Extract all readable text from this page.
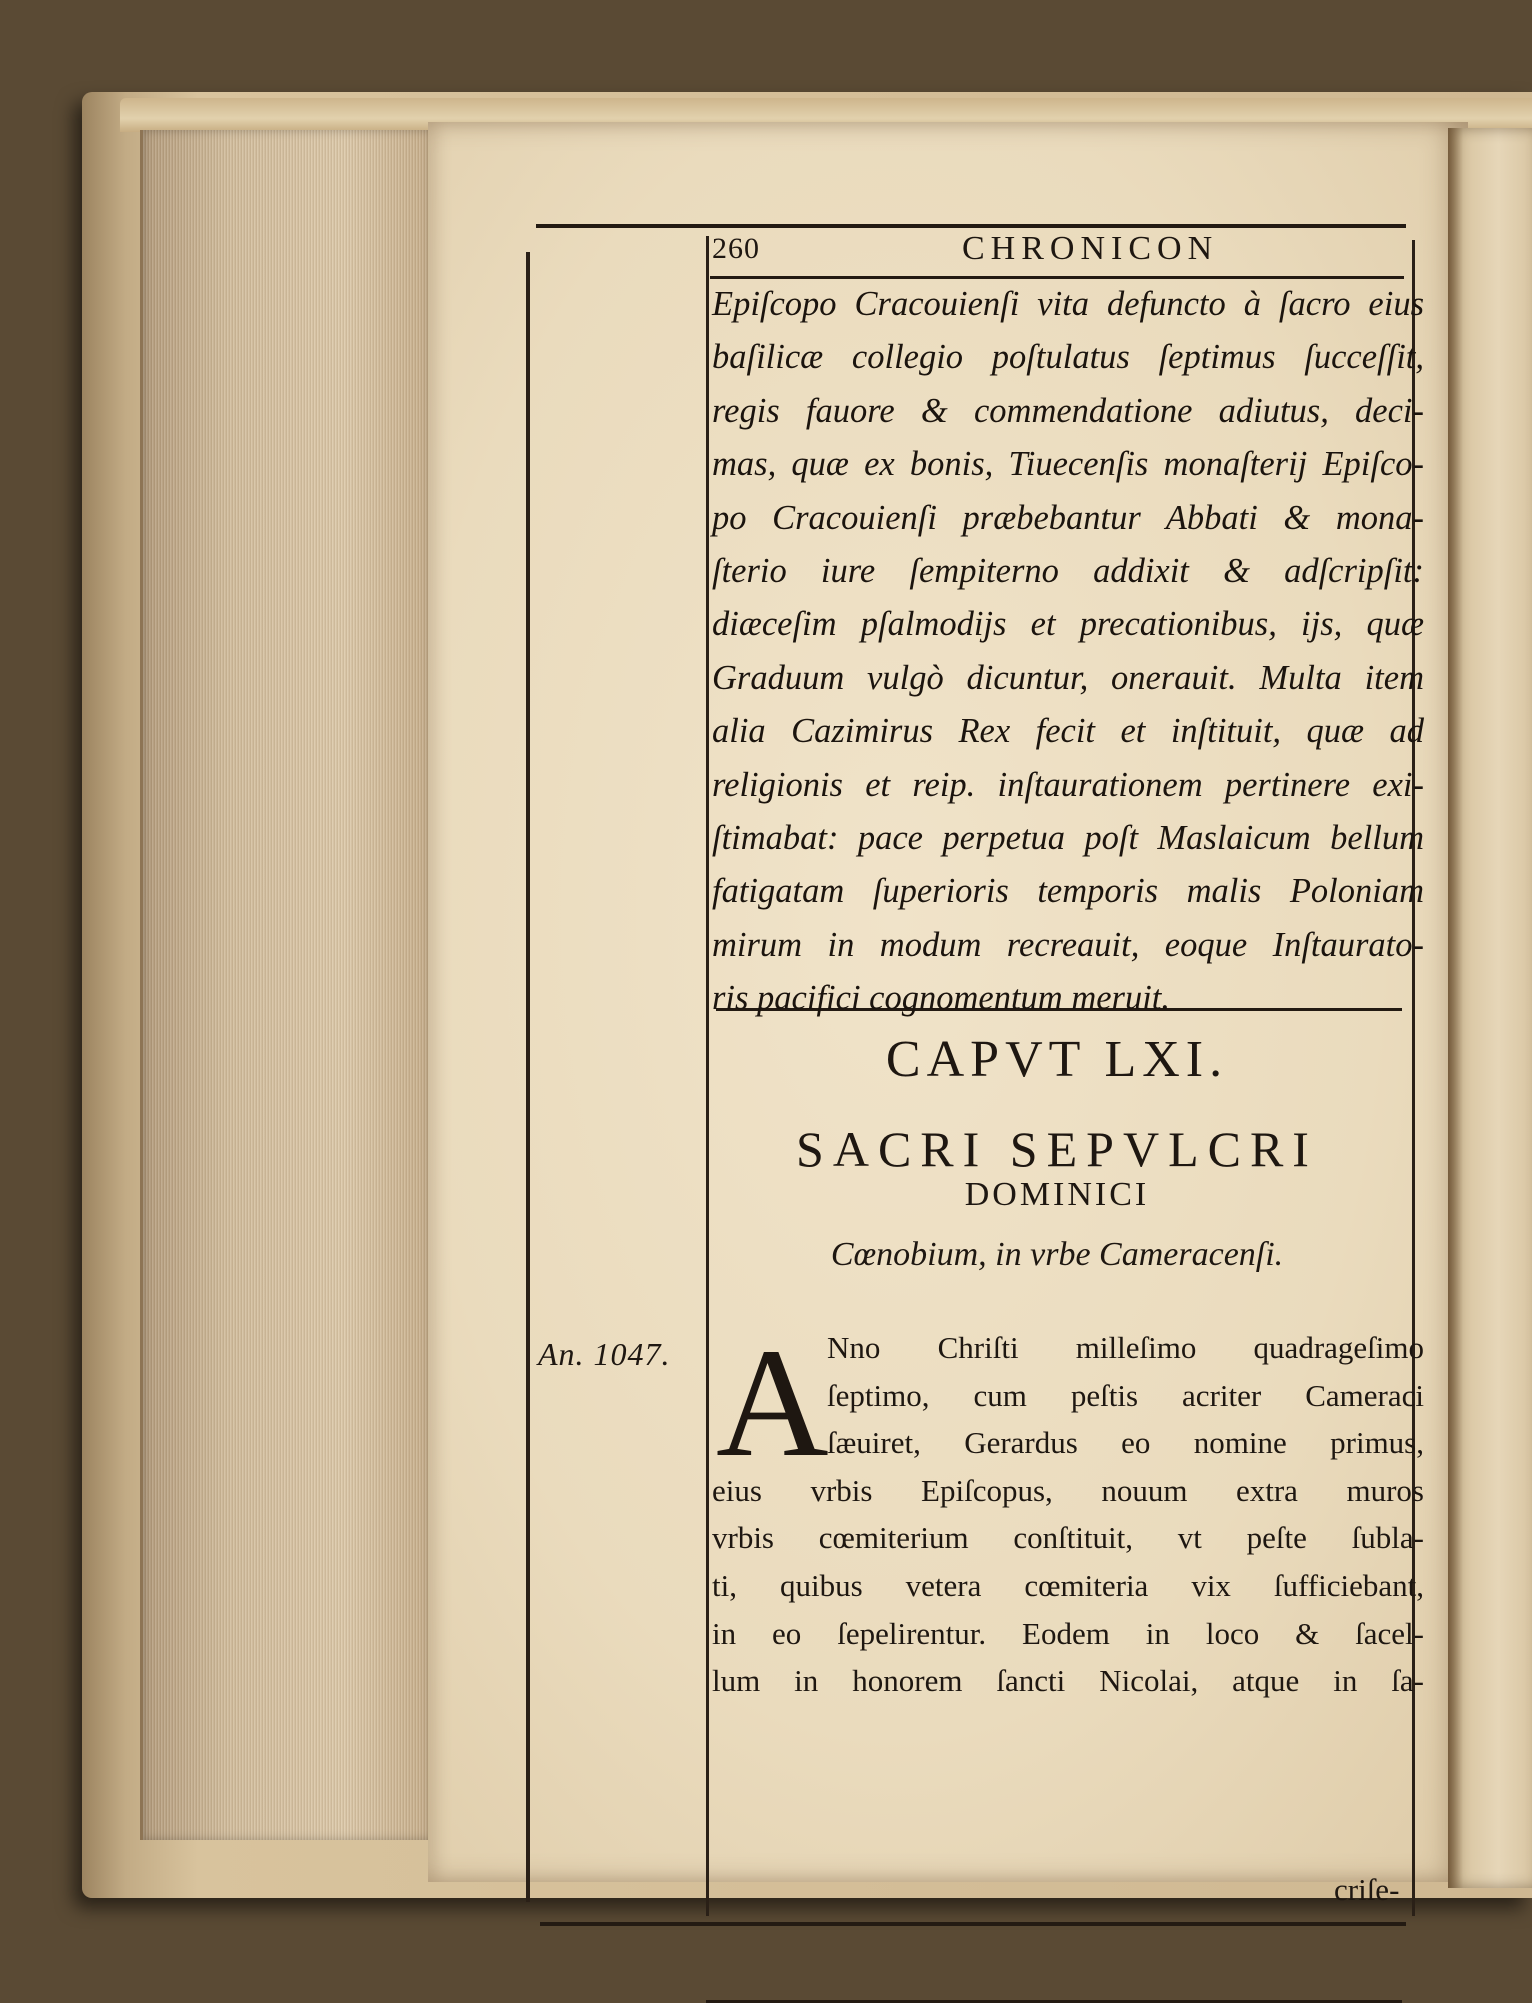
260	CHRONICON
Epiſcopo Cracouienſi vita defuncto à ſacro eius
baſilicæ collegio poſtulatus ſeptimus ſucceſſit,
regis fauore & commendatione adiutus, deci-
mas, quæ ex bonis, Tiuecenſis monaſterij Epiſco-
po Cracouienſi præbebantur Abbati & mona-
ſterio iure ſempiterno addixit & adſcripſit:
diæceſim pſalmodijs et precationibus, ijs, quæ
Graduum vulgò dicuntur, onerauit. Multa item
alia Cazimirus Rex fecit et inſtituit, quæ ad
religionis et reip. inſtaurationem pertinere exi-
ſtimabat: pace perpetua poſt Maslaicum bellum
fatigatam ſuperioris temporis malis Poloniam
mirum in modum recreauit, eoque Inſtaurato-
ris pacifici cognomentum meruit.
CAPVT LXI.
SACRI SEPVLCRI
DOMINICI
Cœnobium, in vrbe Cameracenſi.
An. 1047. A
Nno Chriſti milleſimo quadrageſimo
ſeptimo, cum peſtis acriter Cameraci
ſæuiret, Gerardus eo nomine primus,
eius vrbis Epiſcopus, nouum extra muros
vrbis cœmiterium conſtituit, vt peſte ſubla-
ti, quibus vetera cœmiteria vix ſufficiebant,
in eo ſepelirentur. Eodem in loco & ſacel-
lum in honorem ſancti Nicolai, atque in ſa-
criſe-
